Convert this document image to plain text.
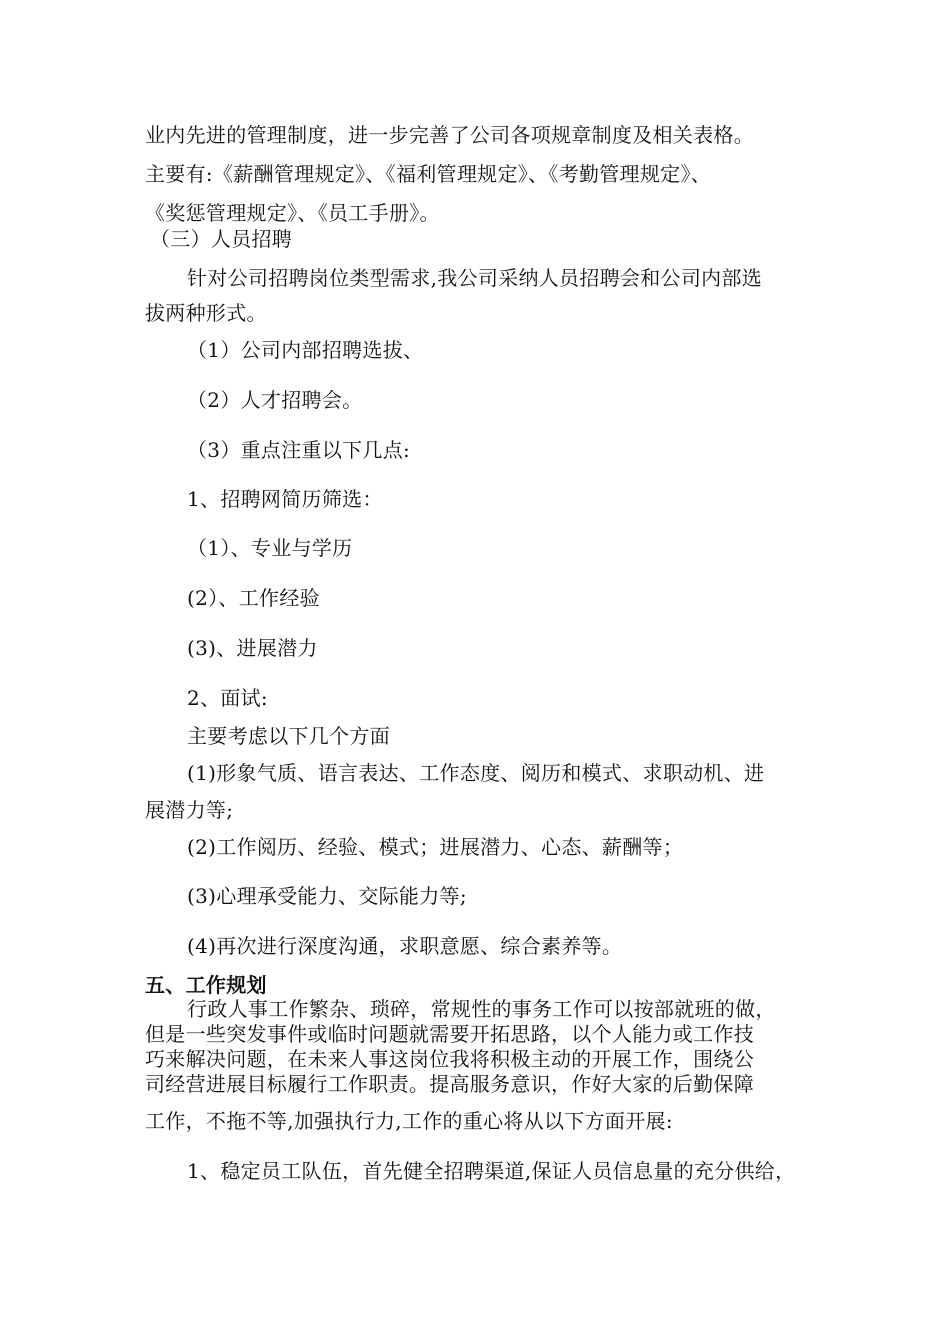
业内先进的管理制度，进一步完善了公司各项规章制度及相关表格。
主要有:《薪酬管理规定》、《福利管理规定》、《考勤管理规定》、
《奖惩管理规定》、《员工手册》。
（三）人员招聘
针对公司招聘岗位类型需求,我公司采纳人员招聘会和公司内部选
拔两种形式。
（1）公司内部招聘选拔、
（2）人才招聘会。
（3）重点注重以下几点:
1、招聘网简历筛选：
（1）、专业与学历
(2）、工作经验
(3)、进展潜力
2、面试:
主要考虑以下几个方面
(1)形象气质、语言表达、工作态度、阅历和模式、求职动机、进
展潜力等;
(2)工作阅历、经验、模式；进展潜力、心态、薪酬等；
(3)心理承受能力、交际能力等;
(4)再次进行深度沟通，求职意愿、综合素养等。
五、工作规划
行政人事工作繁杂、琐碎，常规性的事务工作可以按部就班的做，
但是一些突发事件或临时问题就需要开拓思路，以个人能力或工作技
巧来解决问题，在未来人事这岗位我将积极主动的开展工作，围绕公
司经营进展目标履行工作职责。提高服务意识，作好大家的后勤保障
工作，不拖不等,加强执行力,工作的重心将从以下方面开展:
1、稳定员工队伍，首先健全招聘渠道,保证人员信息量的充分供给，
